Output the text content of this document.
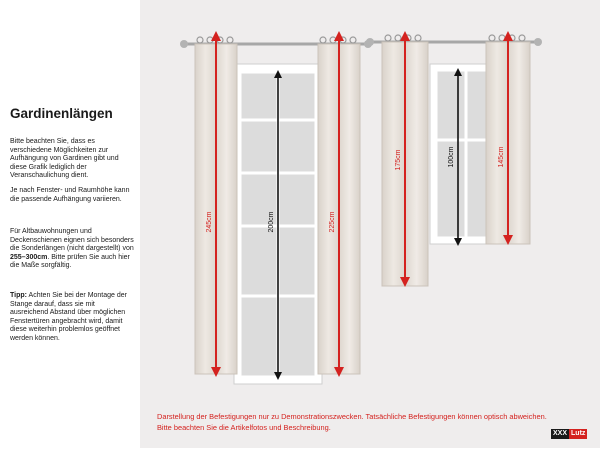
Gardinenlängen

Bitte beachten Sie, dass es verschiedene Möglichkeiten zur Aufhängung von Gardinen gibt und diese Grafik lediglich der Veranschaulichung dient.

Je nach Fenster- und Raumhöhe kann die passende Aufhängung variieren.

Für Altbauwohnungen und Deckenschienen eignen sich besonders die Sonderlängen (nicht dargestellt) von 255–300cm. Bitte prüfen Sie auch hier die Maße sorgfältig.

Tipp: Achten Sie bei der Montage der Stange darauf, dass sie mit ausreichend Abstand über möglichen Fenstertüren angebracht wird, damit diese weiterhin problemlos geöffnet werden können.

245cm	200cm	225cm
175cm	100cm	145cm

Darstellung der Befestigungen nur zu Demonstrationszwecken. Tatsächliche Befestigungen können optisch abweichen.

Bitte beachten Sie die Artikelfotos und Beschreibung.

XXX Lutz
